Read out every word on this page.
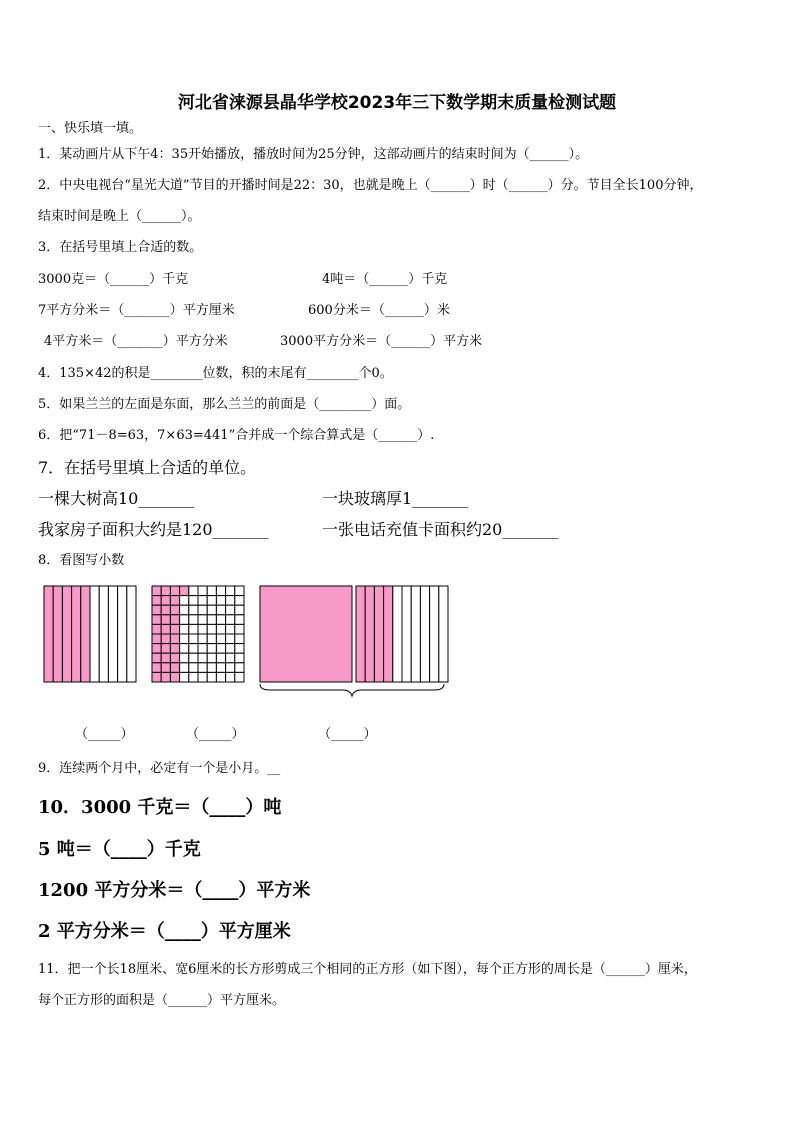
河北省涞源县晶华学校2023年三下数学期末质量检测试题
一、快乐填一填。
1．某动画片从下午4：35开始播放，播放时间为25分钟，这部动画片的结束时间为（______）。
2．中央电视台“星光大道”节目的开播时间是22：30，也就是晚上（______）时（______）分。节目全长100分钟，
结束时间是晚上（______）。
3．在括号里填上合适的数。
3000克＝（______）千克	4吨＝（______）千克
7平方分米＝（_______）平方厘米	600分米＝（______）米
4平方米＝（_______）平方分米	3000平方分米＝（______）平方米
4．135×42的积是________位数，积的末尾有________个0。
5．如果兰兰的左面是东面，那么兰兰的前面是（________）面。
6．把“71－8=63，7×63=441”合并成一个综合算式是（______）.
7．在括号里填上合适的单位。
一棵大树高10_______	一块玻璃厚1_______
我家房子面积大约是120_______	一张电话充值卡面积约20_______
8．看图写小数
（_____）	（_____）	（_____）
9．连续两个月中，必定有一个是小月。__
10．3000 千克＝（____）吨
5 吨＝（____）千克
1200 平方分米＝（____）平方米
2 平方分米＝（____）平方厘米
11．把一个长18厘米、宽6厘米的长方形剪成三个相同的正方形（如下图），每个正方形的周长是（______）厘米，
每个正方形的面积是（______）平方厘米。
